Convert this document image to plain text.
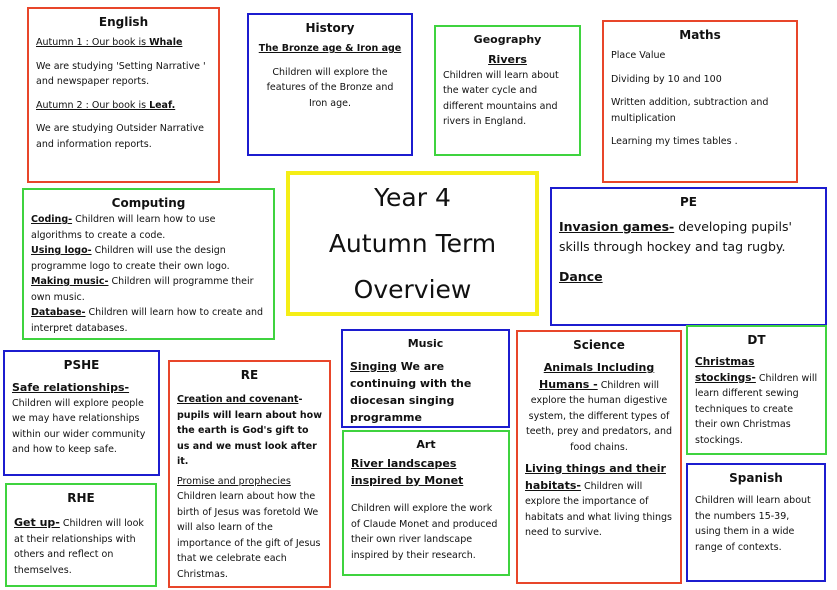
English

Autumn 1 : Our book is Whale

We are studying 'Setting Narrative ' and newspaper reports.

Autumn 2 : Our book is Leaf.

We are studying Outsider Narrative and information reports.

History

The Bronze age & Iron age

Children will explore the features of the Bronze and Iron age.

Geography

Rivers

Children will learn about the water cycle and different mountains and rivers in England.

Maths

Place Value

Dividing by 10 and 100

Written addition, subtraction and multiplication

Learning my times tables .

Computing

Coding- Children will learn how to use algorithms to create a code.

Using logo- Children will use the design programme logo to create their own logo.

Making music- Children will programme their own music.

Database- Children will learn how to create and interpret databases.

Year 4
Autumn Term
Overview
PE

Invasion games- developing pupils' skills through hockey and tag rugby.

Dance

PSHE

Safe relationships-

Children will explore people we may have relationships within our wider community and how to keep safe.

RHE

Get up- Children will look at their relationships with others and reflect on themselves.

RE

Creation and covenant-pupils will learn about how the earth is God's gift to us and we must look after it.

Promise and prophecies

Children learn about how the birth of Jesus was foretold We will also learn of the importance of the gift of Jesus that we celebrate each Christmas.

Music

Singing We are continuing with the diocesan singing programme

Art

River landscapes inspired by Monet

Children will explore the work of Claude Monet and produced their own river landscape inspired by their research.

Science

Animals Including Humans - Children will explore the human digestive system, the different types of teeth, prey and predators, and food chains.

Living things and their habitats- Children will explore the importance of habitats and what living things need to survive.

DT

Christmas stockings- Children will learn different sewing techniques to create their own Christmas stockings.

Spanish

Children will learn about the numbers 15-39, using them in a wide range of contexts.
